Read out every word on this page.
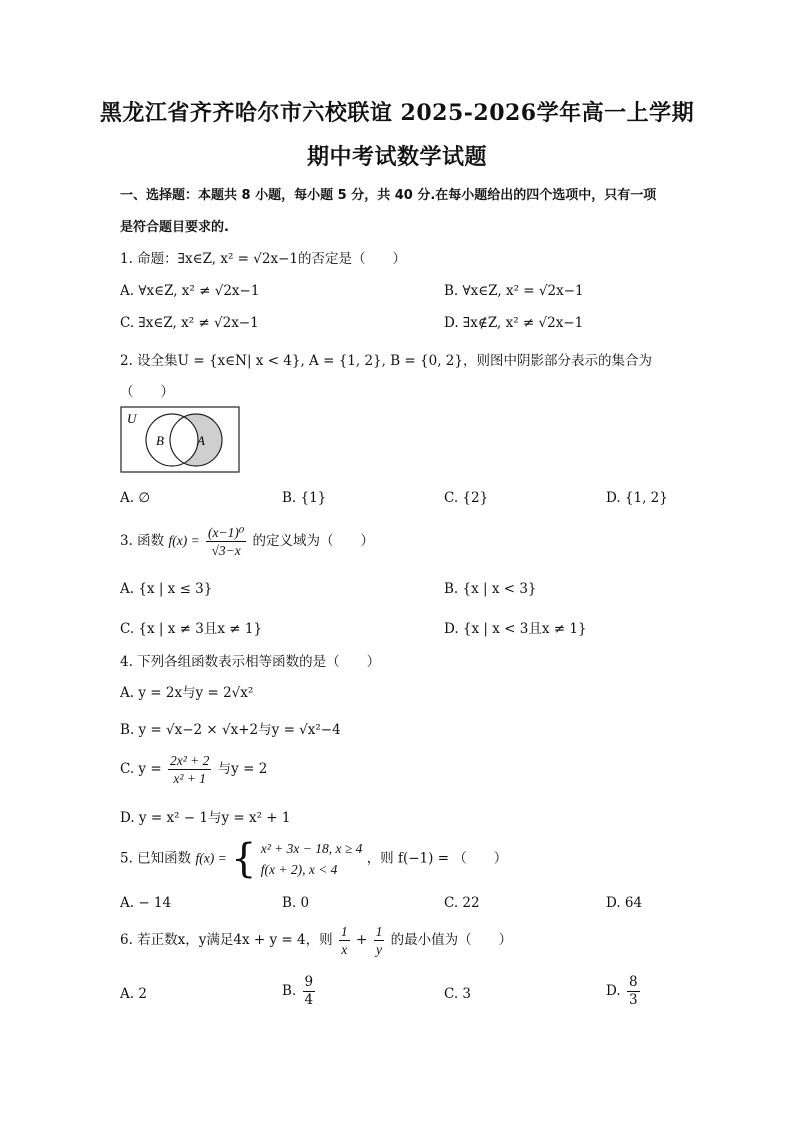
黑龙江省齐齐哈尔市六校联谊 2025-2026学年高一上学期
期中考试数学试题
一、选择题：本题共 8 小题，每小题 5 分，共 40 分.在每小题给出的四个选项中，只有一项
是符合题目要求的.
1. 命题：∃x∈Z, x² = √2x−1的否定是（　　）
A. ∀x∈Z, x² ≠ √2x−1	B. ∀x∈Z, x² = √2x−1
C. ∃x∈Z, x² ≠ √2x−1	D. ∃x∉Z, x² ≠ √2x−1
2. 设全集U = {x∈N| x < 4}, A = {1, 2}, B = {0, 2}，则图中阴影部分表示的集合为
（　　）
U
B	A
A. ∅	B. {1}	C. {2}	D. {1, 2}
3. 函数 $f(x) = \frac{\text{(x−1)⁰}}{√3-x}$ 的定义域为（　　）
A. {x | x ≤ 3}	B. {x | x < 3}
C. {x | x ≠ 3且x ≠ 1}	D. {x | x < 3且x ≠ 1}
4. 下列各组函数表示相等函数的是（　　）
A. y = 2x与y = 2√x²
B. y = √x−2 × √x+2与y = √x²−4
C. $y = \frac{\text{2x² + 2}}{\text{x² + 1}}$ 与y = 2
D. y = x² − 1与y = x² + 1
5. 已知函数 f(x) = { x² + 3x − 18, x ≥ 4
f(x + 2), x < 4
，则 f(−1) = （　　）
A. − 14	B. 0	C. 22	D. 64
6. 若正数x，y满足4x + y = 4，则 $\frac{1}{x} + \frac{1}{y}$ 的最小值为（　　）
A. 2	B. $\frac{9}{4}$	C. 3	D. $\frac{8}{3}$
